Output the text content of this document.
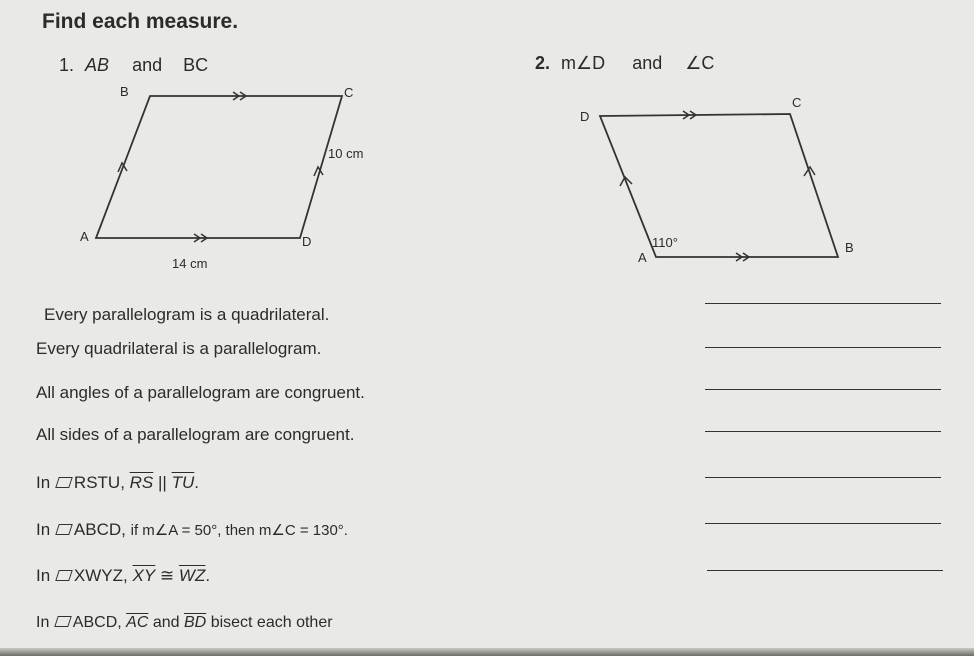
Find each measure.
1. AB and BC	2. m∠D and ∠C
B	C
A	D
10 cm
14 cm
D
C
A
B
110°
Every parallelogram is a quadrilateral.
Every quadrilateral is a parallelogram.
All angles of a parallelogram are congruent.
All sides of a parallelogram are congruent.
In RSTU, $\overline{RS}$ || $\overline{TU}$.
In ABCD, if m∠A = 50°, then m∠C = 130°.
In XWYZ, $\overline{XY}$ ≅ $\overline{WZ}$.
In ABCD, $\overline{AC}$ and $\overline{BD}$ bisect each other
